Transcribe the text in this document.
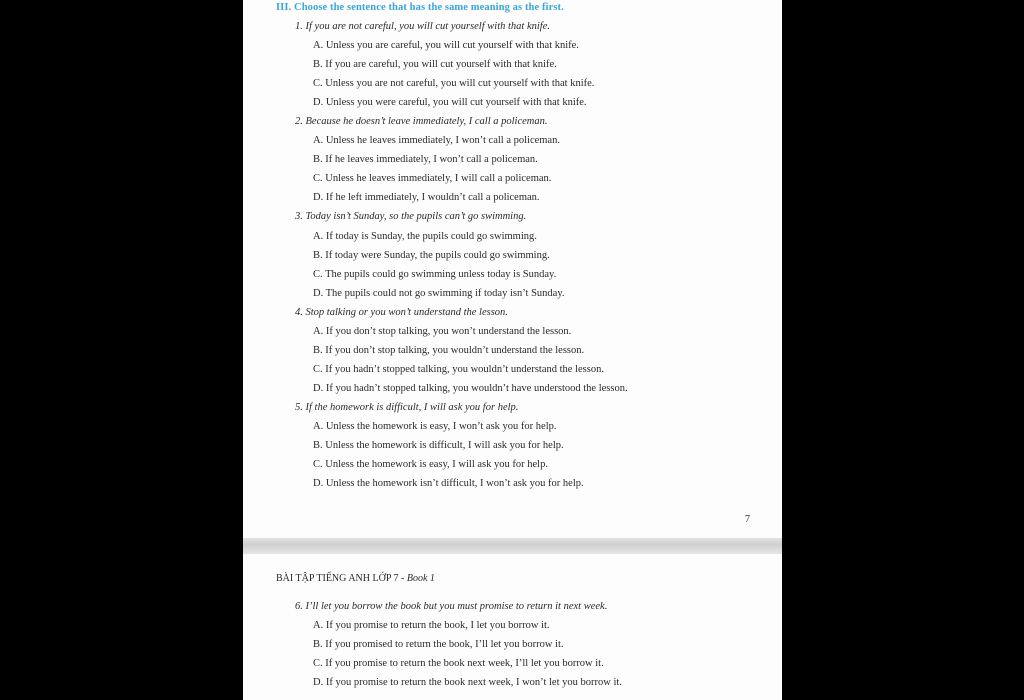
III. Choose the sentence that has the same meaning as the first.
1. If you are not careful, you will cut yourself with that knife.
A. Unless you are careful, you will cut yourself with that knife.
B. If you are careful, you will cut yourself with that knife.
C. Unless you are not careful, you will cut yourself with that knife.
D. Unless you were careful, you will cut yourself with that knife.
2. Because he doesn’t leave immediately, I call a policeman.
A. Unless he leaves immediately, I won’t call a policeman.
B. If he leaves immediately, I won’t call a policeman.
C. Unless he leaves immediately, I will call a policeman.
D. If he left immediately, I wouldn’t call a policeman.
3. Today isn’t Sunday, so the pupils can’t go swimming.
A. If today is Sunday, the pupils could go swimming.
B. If today were Sunday, the pupils could go swimming.
C. The pupils could go swimming unless today is Sunday.
D. The pupils could not go swimming if today isn’t Sunday.
4. Stop talking or you won’t understand the lesson.
A. If you don’t stop talking, you won’t understand the lesson.
B. If you don’t stop talking, you wouldn’t understand the lesson.
C. If you hadn’t stopped talking, you wouldn’t understand the lesson.
D. If you hadn’t stopped talking, you wouldn’t have understood the lesson.
5. If the homework is difficult, I will ask you for help.
A. Unless the homework is easy, I won’t ask you for help.
B. Unless the homework is difficult, I will ask you for help.
C. Unless the homework is easy, I will ask you for help.
D. Unless the homework isn’t difficult, I won’t ask you for help.
7
BÀI TẬP TIẾNG ANH LỚP 7 - Book 1
6. I’ll let you borrow the book but you must promise to return it next week.
A. If you promise to return the book, I let you borrow it.
B. If you promised to return the book, I’ll let you borrow it.
C. If you promise to return the book next week, I’ll let you borrow it.
D. If you promise to return the book next week, I won’t let you borrow it.
